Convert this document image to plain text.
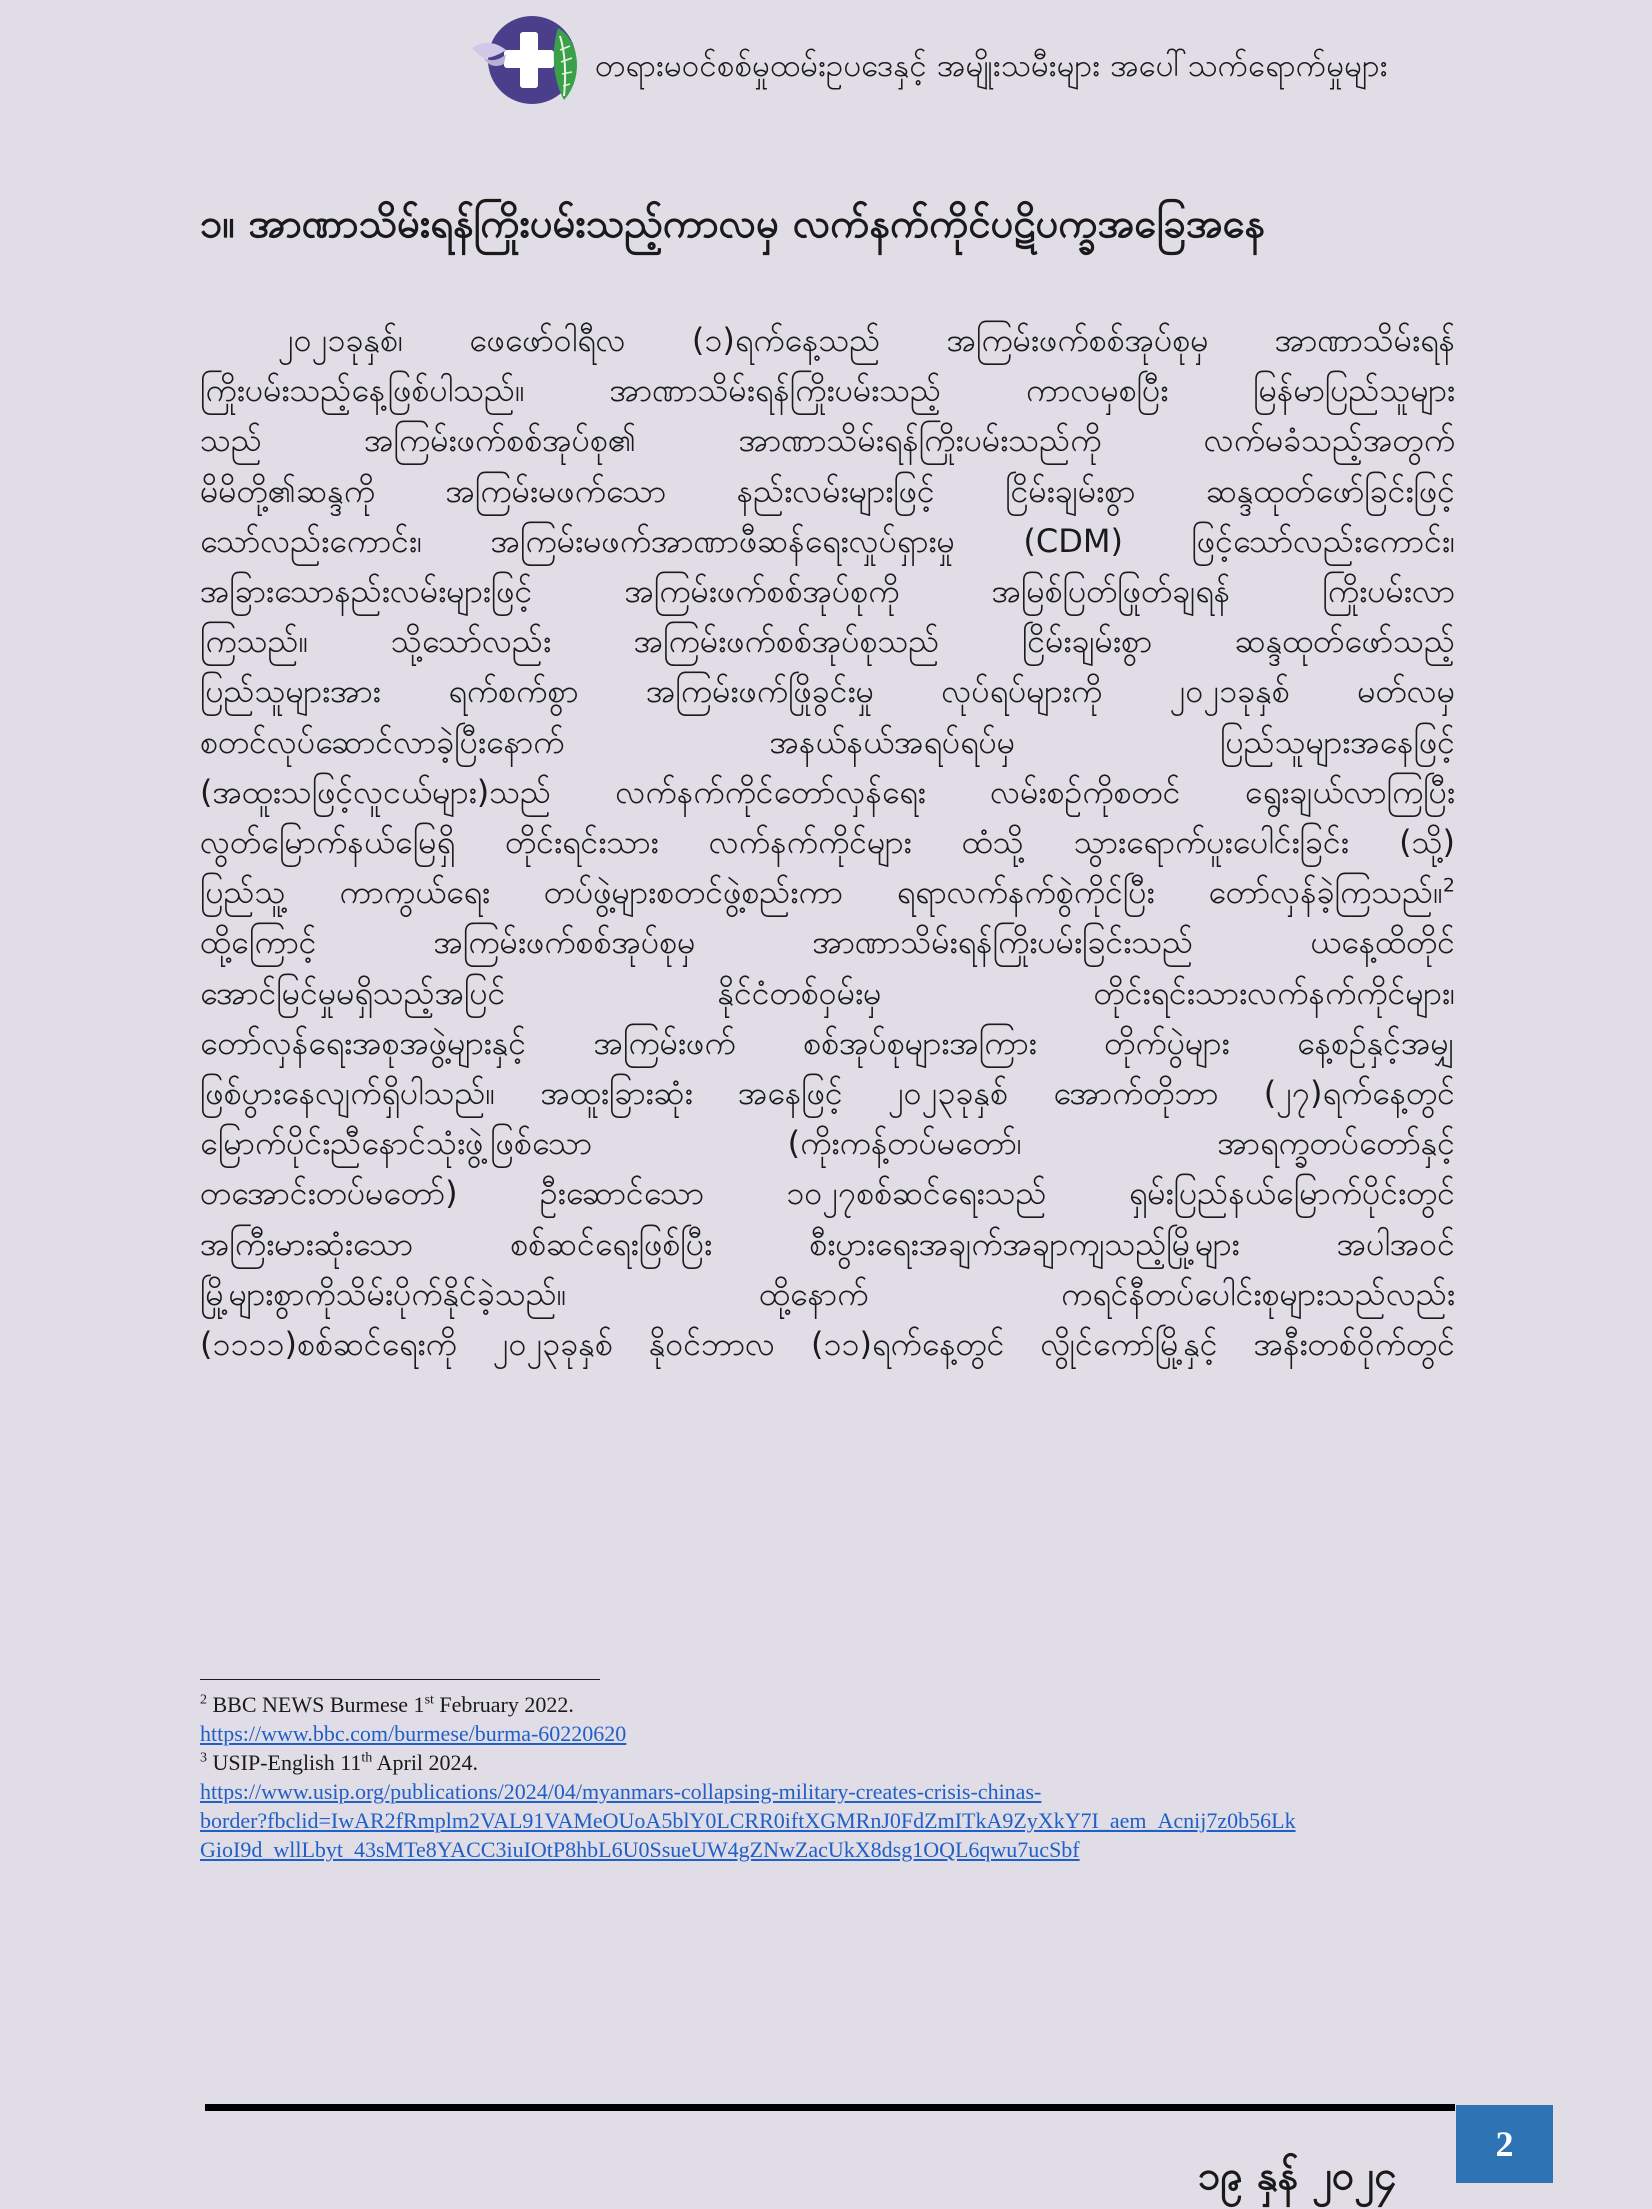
တရားမဝင်စစ်မှုထမ်းဥပဒေနှင့် အမျိုးသမီးများ အပေါ်သက်ရောက်မှုများ
၁။ အာဏာသိမ်းရန်ကြိုးပမ်းသည့်ကာလမှ လက်နက်ကိုင်ပဋိပက္ခအခြေအနေ
၂၀၂၁ခုနှစ်၊ ဖေဖော်ဝါရီလ (၁)ရက်နေ့သည် အကြမ်းဖက်စစ်အုပ်စုမှ အာဏာသိမ်းရန်
ကြိုးပမ်းသည့်နေ့ဖြစ်ပါသည်။ အာဏာသိမ်းရန်ကြိုးပမ်းသည့် ကာလမှစပြီး မြန်မာပြည်သူများ
သည် အကြမ်းဖက်စစ်အုပ်စု၏ အာဏာသိမ်းရန်ကြိုးပမ်းသည်ကို လက်မခံသည့်အတွက်
မိမိတို့၏ဆန္ဒကို အကြမ်းမဖက်သော နည်းလမ်းများဖြင့် ငြိမ်းချမ်းစွာ ဆန္ဒထုတ်ဖော်ခြင်းဖြင့်
သော်လည်းကောင်း၊ အကြမ်းမဖက်အာဏာဖီဆန်ရေးလှုပ်ရှားမှု (CDM) ဖြင့်သော်လည်းကောင်း၊
အခြားသောနည်းလမ်းများဖြင့် အကြမ်းဖက်စစ်အုပ်စုကို အမြစ်ပြတ်ဖြုတ်ချရန် ကြိုးပမ်းလာ
ကြသည်။ သို့သော်လည်း အကြမ်းဖက်စစ်အုပ်စုသည် ငြိမ်းချမ်းစွာ ဆန္ဒထုတ်ဖော်သည့်
ပြည်သူများအား ရက်စက်စွာ အကြမ်းဖက်ဖြိုခွင်းမှု လုပ်ရပ်များကို ၂၀၂၁ခုနှစ် မတ်လမှ
စတင်လုပ်ဆောင်လာခဲ့ပြီးနောက် အနယ်နယ်အရပ်ရပ်မှ ပြည်သူများအနေဖြင့်
(အထူးသဖြင့်လူငယ်များ)သည် လက်နက်ကိုင်တော်လှန်ရေး လမ်းစဉ်ကိုစတင် ရွေးချယ်လာကြပြီး
လွတ်မြောက်နယ်မြေရှိ တိုင်းရင်းသား လက်နက်ကိုင်များ ထံသို့ သွားရောက်ပူးပေါင်းခြင်း (သို့)
ပြည်သူ့ ကာကွယ်ရေး တပ်ဖွဲ့များစတင်ဖွဲ့စည်းကာ ရရာလက်နက်စွဲကိုင်ပြီး တော်လှန်ခဲ့ကြသည်။$^2$
ထို့ကြောင့် အကြမ်းဖက်စစ်အုပ်စုမှ အာဏာသိမ်းရန်ကြိုးပမ်းခြင်းသည် ယနေ့ထိတိုင်
အောင်မြင်မှုမရှိသည့်အပြင် နိုင်ငံတစ်ဝှမ်းမှ တိုင်းရင်းသားလက်နက်ကိုင်များ၊
တော်လှန်ရေးအစုအဖွဲ့များနှင့် အကြမ်းဖက် စစ်အုပ်စုများအကြား တိုက်ပွဲများ နေ့စဉ်နှင့်အမျှ
ဖြစ်ပွားနေလျက်ရှိပါသည်။ အထူးခြားဆုံး အနေဖြင့် ၂၀၂၃ခုနှစ် အောက်တိုဘာ (၂၇)ရက်နေ့တွင်
မြောက်ပိုင်းညီနောင်သုံးဖွဲ့ဖြစ်သော (ကိုးကန့်တပ်မတော်၊ အာရက္ခတပ်တော်နှင့်
တအောင်းတပ်မတော်) ဦးဆောင်သော ၁၀၂၇စစ်ဆင်ရေးသည် ရှမ်းပြည်နယ်မြောက်ပိုင်းတွင်
အကြီးမားဆုံးသော စစ်ဆင်ရေးဖြစ်ပြီး စီးပွားရေးအချက်အချာကျသည့်မြို့များ အပါအဝင်
မြို့များစွာကိုသိမ်းပိုက်နိုင်ခဲ့သည်။ ထို့နောက် ကရင်နီတပ်ပေါင်းစုများသည်လည်း
(၁၁၁၁)စစ်ဆင်ရေးကို ၂၀၂၃ခုနှစ် နိုဝင်ဘာလ (၁၁)ရက်နေ့တွင် လွိုင်ကော်မြို့နှင့် အနီးတစ်ဝိုက်တွင်
$^2$ BBC NEWS Burmese 1st February 2022.
https://www.bbc.com/burmese/burma-60220620
$^3$ USIP-English 11th April 2024.
https://www.usip.org/publications/2024/04/myanmars-collapsing-military-creates-crisis-chinas-
border?fbclid=IwAR2fRmplm2VAL91VAMeOUoA5blY0LCRR0iftXGMRnJ0FdZmITkA9ZyXkY7I_aem_Acnij7z0b56Lk
GioI9d_wllLbyt_43sMTe8YACC3iuIOtP8hbL6U0SsueUW4gZNwZacUkX8dsg1OQL6qwu7ucSbf
၁၉ နှန် ၂၀၂၄
2
